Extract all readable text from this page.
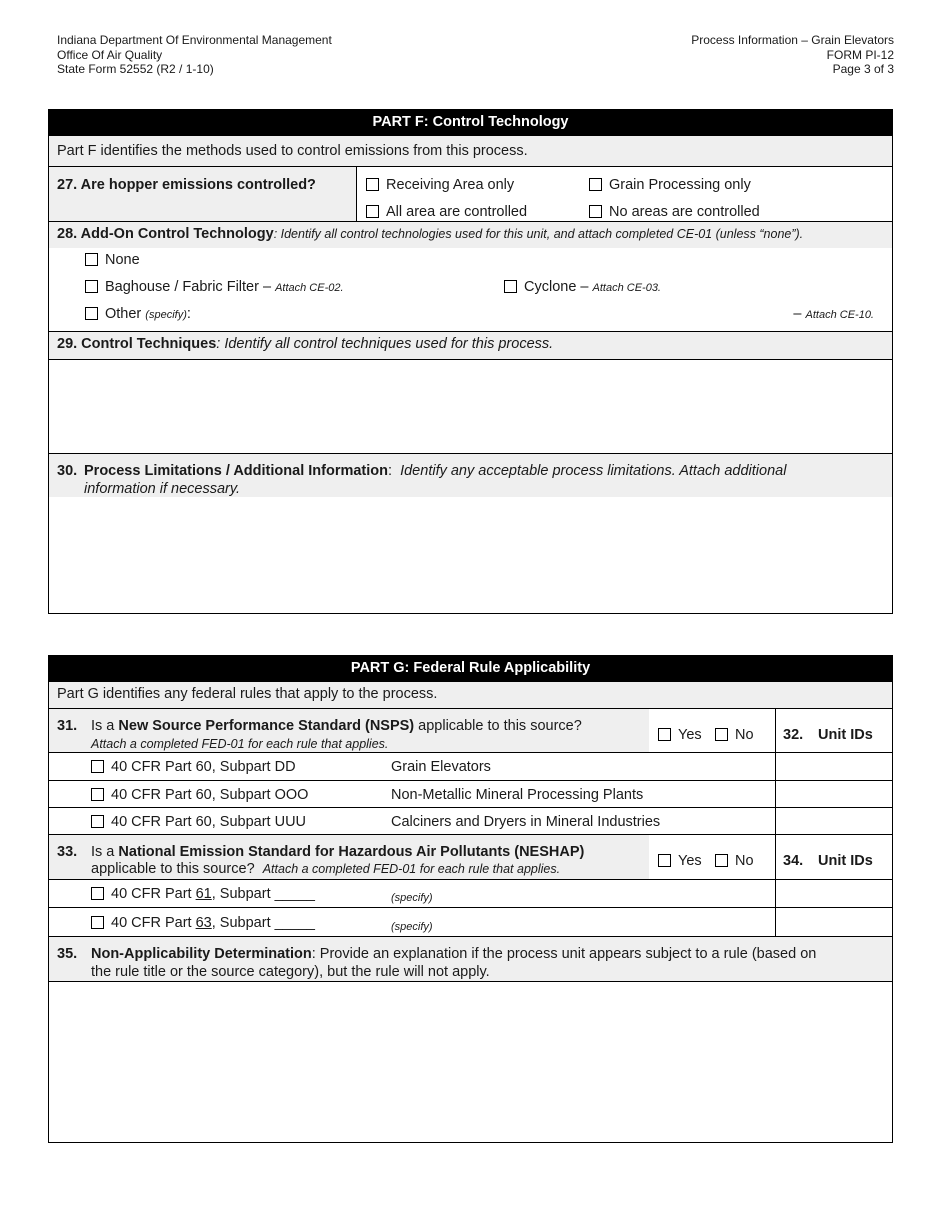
Indiana Department Of Environmental Management
Office Of Air Quality
State Form 52552 (R2 / 1-10)
Process Information – Grain Elevators
FORM PI-12
Page 3 of 3
PART F: Control Technology
Part F identifies the methods used to control emissions from this process.
27. Are hopper emissions controlled?	Receiving Area only	Grain Processing only
All area are controlled	No areas are controlled
28. Add-On Control Technology: Identify all control technologies used for this unit, and attach completed CE-01 (unless “none”).
None
Baghouse / Fabric Filter – Attach CE-02.	Cyclone – Attach CE-03.
Other (specify):	– Attach CE-10.
29. Control Techniques: Identify all control techniques used for this process.
30. Process Limitations / Additional Information:  Identify any acceptable process limitations. Attach additional
information if necessary.
PART G: Federal Rule Applicability
Part G identifies any federal rules that apply to the process.
31. Is a New Source Performance Standard (NSPS) applicable to this source?
Attach a completed FED-01 for each rule that applies.
Yes	No 32. Unit IDs
40 CFR Part 60, Subpart DD	Grain Elevators
40 CFR Part 60, Subpart OOO	Non-Metallic Mineral Processing Plants
40 CFR Part 60, Subpart UUU	Calciners and Dryers in Mineral Industries
33. Is a National Emission Standard for Hazardous Air Pollutants (NESHAP)
applicable to this source? Attach a completed FED-01 for each rule that applies.	Yes	No 34. Unit IDs
40 CFR Part 61, Subpart _____	(specify)
40 CFR Part 63, Subpart _____	(specify)
35. Non-Applicability Determination: Provide an explanation if the process unit appears subject to a rule (based on
the rule title or the source category), but the rule will not apply.
